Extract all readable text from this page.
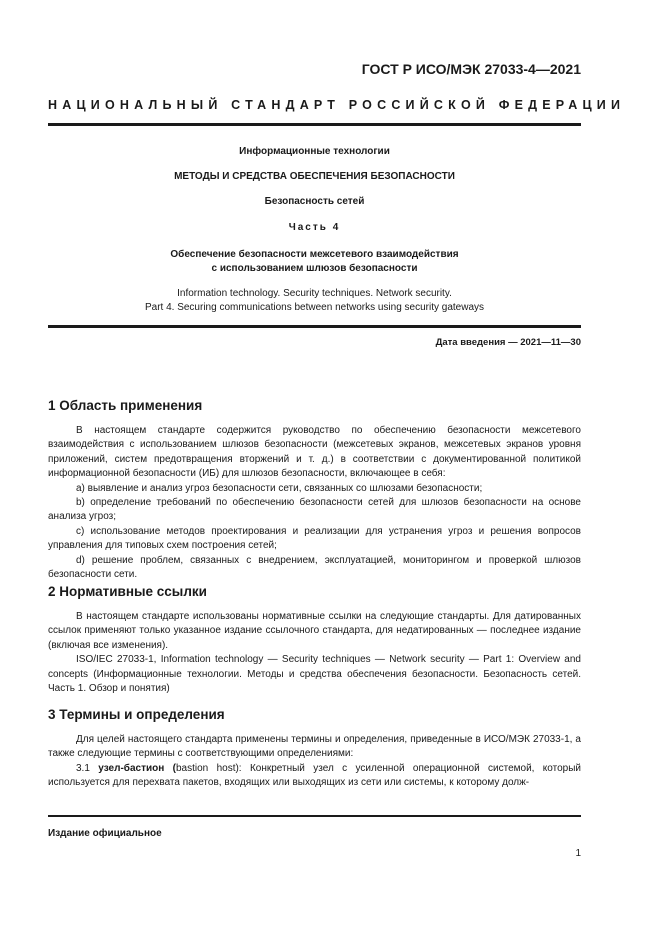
ГОСТ Р ИСО/МЭК 27033-4—2021
НАЦИОНАЛЬНЫЙ СТАНДАРТ РОССИЙСКОЙ ФЕДЕРАЦИИ
Информационные технологии
МЕТОДЫ И СРЕДСТВА ОБЕСПЕЧЕНИЯ БЕЗОПАСНОСТИ
Безопасность сетей
Часть 4
Обеспечение безопасности межсетевого взаимодействия
с использованием шлюзов безопасности
Information technology. Security techniques. Network security.
Part 4. Securing communications between networks using security gateways
Дата введения — 2021—11—30
1 Область применения

В настоящем стандарте содержится руководство по обеспечению безопасности межсетевого взаимодействия с использованием шлюзов безопасности (межсетевых экранов, межсетевых экранов уровня приложений, систем предотвращения вторжений и т. д.) в соответствии с документированной политикой информационной безопасности (ИБ) для шлюзов безопасности, включающее в себя:

a) выявление и анализ угроз безопасности сети, связанных со шлюзами безопасности;

b) определение требований по обеспечению безопасности сетей для шлюзов безопасности на основе анализа угроз;

c) использование методов проектирования и реализации для устранения угроз и решения вопросов управления для типовых схем построения сетей;

d) решение проблем, связанных с внедрением, эксплуатацией, мониторингом и проверкой шлюзов безопасности сети.

2 Нормативные ссылки

В настоящем стандарте использованы нормативные ссылки на следующие стандарты. Для датированных ссылок применяют только указанное издание ссылочного стандарта, для недатированных — последнее издание (включая все изменения).

ISO/IEC 27033-1, Information technology — Security techniques — Network security — Part 1: Overview and concepts (Информационные технологии. Методы и средства обеспечения безопасности. Безопасность сетей. Часть 1. Обзор и понятия)

3 Термины и определения

Для целей настоящего стандарта применены термины и определения, приведенные в ИСО/МЭК 27033-1, а также следующие термины с соответствующими определениями:

3.1 узел-бастион (bastion host): Конкретный узел с усиленной операционной системой, который используется для перехвата пакетов, входящих или выходящих из сети или системы, к которому долж-

Издание официальное
1
